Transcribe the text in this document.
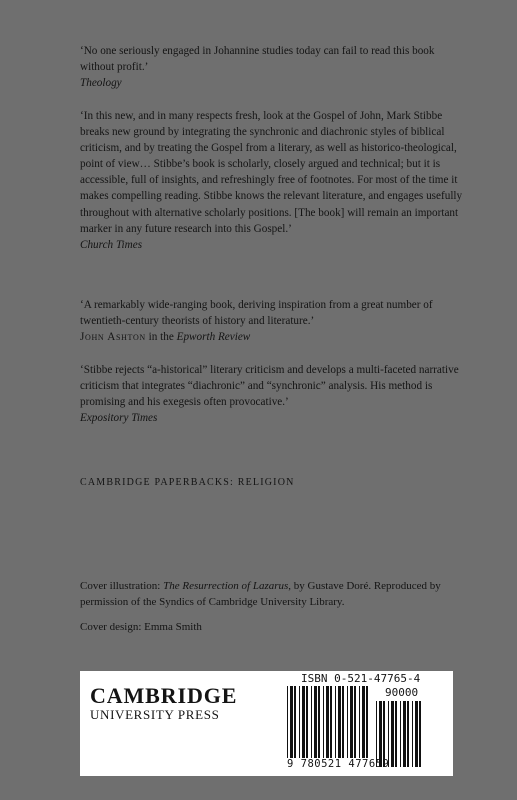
‘No one seriously engaged in Johannine studies today can fail to read this book without profit.’

Theology

‘In this new, and in many respects fresh, look at the Gospel of John, Mark Stibbe breaks new ground by integrating the synchronic and diachronic styles of biblical criticism, and by treating the Gospel from a literary, as well as historico-theological, point of view… Stibbe’s book is scholarly, closely argued and technical; but it is accessible, full of insights, and refreshingly free of footnotes. For most of the time it makes compelling reading. Stibbe knows the relevant literature, and engages usefully throughout with alternative scholarly positions. [The book] will remain an important marker in any future research into this Gospel.’

Church Times

‘A remarkably wide-ranging book, deriving inspiration from a great number of twentieth-century theorists of history and literature.’

John Ashton in the Epworth Review

‘Stibbe rejects “a-historical” literary criticism and develops a multi-faceted narrative criticism that integrates “diachronic” and “synchronic” analysis. His method is promising and his exegesis often provocative.’

Expository Times

CAMBRIDGE PAPERBACKS: RELIGION

Cover illustration: The Resurrection of Lazarus, by Gustave Doré. Reproduced by permission of the Syndics of Cambridge University Library.

Cover design: Emma Smith
CAMBRIDGE
UNIVERSITY PRESS
ISBN 0-521-47765-4
90000
9 780521 477659
